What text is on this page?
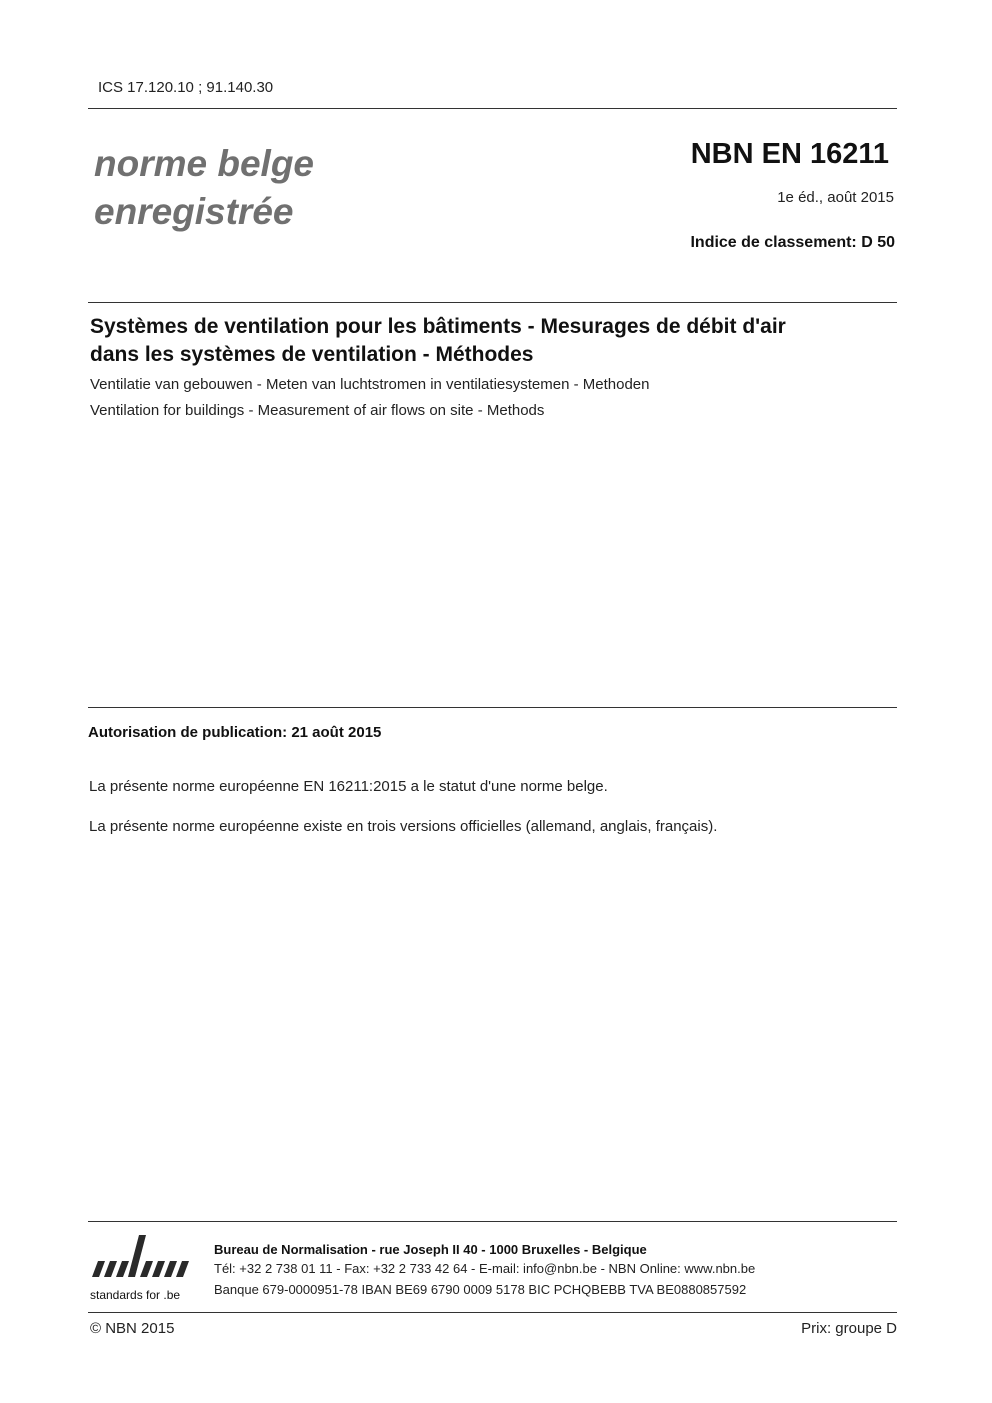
ICS 17.120.10 ; 91.140.30
norme belge
enregistrée
NBN EN 16211
1e éd., août 2015
Indice de classement: D 50
Systèmes de ventilation pour les bâtiments - Mesurages de débit d'air
dans les systèmes de ventilation - Méthodes
Ventilatie van gebouwen - Meten van luchtstromen in ventilatiesystemen - Methoden
Ventilation for buildings - Measurement of air flows on site - Methods
Autorisation de publication: 21 août 2015
La présente norme européenne EN 16211:2015 a le statut d'une norme belge.
La présente norme européenne existe en trois versions officielles (allemand, anglais, français).
standards for .be
Bureau de Normalisation - rue Joseph II 40 - 1000 Bruxelles - Belgique
Tél: +32 2 738 01 11 - Fax: +32 2 733 42 64 - E-mail: info@nbn.be - NBN Online: www.nbn.be
Banque 679-0000951-78 IBAN BE69 6790 0009 5178 BIC PCHQBEBB TVA BE0880857592
© NBN 2015	Prix: groupe D
